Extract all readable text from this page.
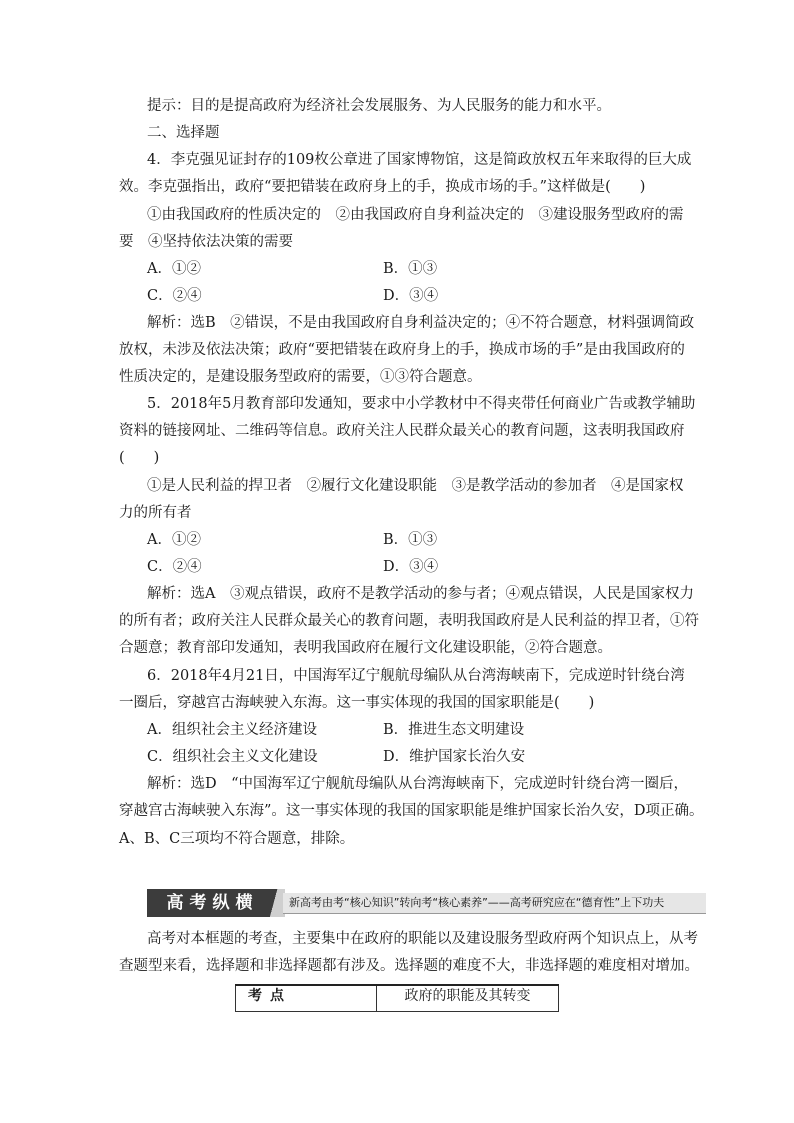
提示：目的是提高政府为经济社会发展服务、为人民服务的能力和水平。

二、选择题

4．李克强见证封存的109枚公章进了国家博物馆，这是简政放权五年来取得的巨大成

效。李克强指出，政府“要把错装在政府身上的手，换成市场的手。”这样做是(　　)

①由我国政府的性质决定的　②由我国政府自身利益决定的　③建设服务型政府的需

要　④坚持依法决策的需要

A．①②	B．①③

C．②④	D．③④

解析：选B　②错误，不是由我国政府自身利益决定的；④不符合题意，材料强调简政

放权，未涉及依法决策；政府“要把错装在政府身上的手，换成市场的手”是由我国政府的

性质决定的，是建设服务型政府的需要，①③符合题意。

5．2018年5月教育部印发通知，要求中小学教材中不得夹带任何商业广告或教学辅助

资料的链接网址、二维码等信息。政府关注人民群众最关心的教育问题，这表明我国政府

(　　)

①是人民利益的捍卫者　②履行文化建设职能　③是教学活动的参加者　④是国家权

力的所有者

A．①②	B．①③

C．②④	D．③④

解析：选A　③观点错误，政府不是教学活动的参与者；④观点错误，人民是国家权力

的所有者；政府关注人民群众最关心的教育问题，表明我国政府是人民利益的捍卫者，①符

合题意；教育部印发通知，表明我国政府在履行文化建设职能，②符合题意。

6．2018年4月21日，中国海军辽宁舰航母编队从台湾海峡南下，完成逆时针绕台湾

一圈后，穿越宫古海峡驶入东海。这一事实体现的我国的国家职能是(　　)

A．组织社会主义经济建设	B．推进生态文明建设

C．组织社会主义文化建设	D．维护国家长治久安

解析：选D　“中国海军辽宁舰航母编队从台湾海峡南下，完成逆时针绕台湾一圈后，

穿越宫古海峡驶入东海”。这一事实体现的我国的国家职能是维护国家长治久安，D项正确。

A、B、C三项均不符合题意，排除。

高考纵横	新高考由考“核心知识”转向考“核心素养”——高考研究应在“德育性”上下功夫

高考对本框题的考查，主要集中在政府的职能以及建设服务型政府两个知识点上，从考

查题型来看，选择题和非选择题都有涉及。选择题的难度不大，非选择题的难度相对增加。

考点	政府的职能及其转变
